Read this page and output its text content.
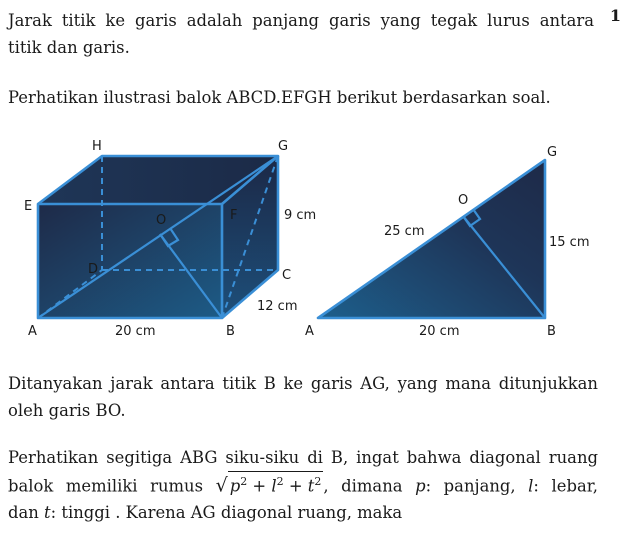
1

Jarak titik ke garis adalah panjang garis yang tegak lurus antara
titik dan garis.

Perhatikan ilustrasi balok ABCD.EFGH berikut berdasarkan soal.

A	B
C
D
E
F
G
H
O
20 cm
12 cm
9 cm
A	B
G
O
25 cm
20 cm
15 cm

Ditanyakan jarak antara titik B ke garis AG, yang mana ditunjukkan
oleh garis BO.

Perhatikan segitiga ABG siku-siku di B, ingat bahwa diagonal ruang
balok memiliki rumus √ $p^2 + l^2 + t^2$ , dimana p: panjang, l: lebar,
dan t: tinggi . Karena AG diagonal ruang, maka
